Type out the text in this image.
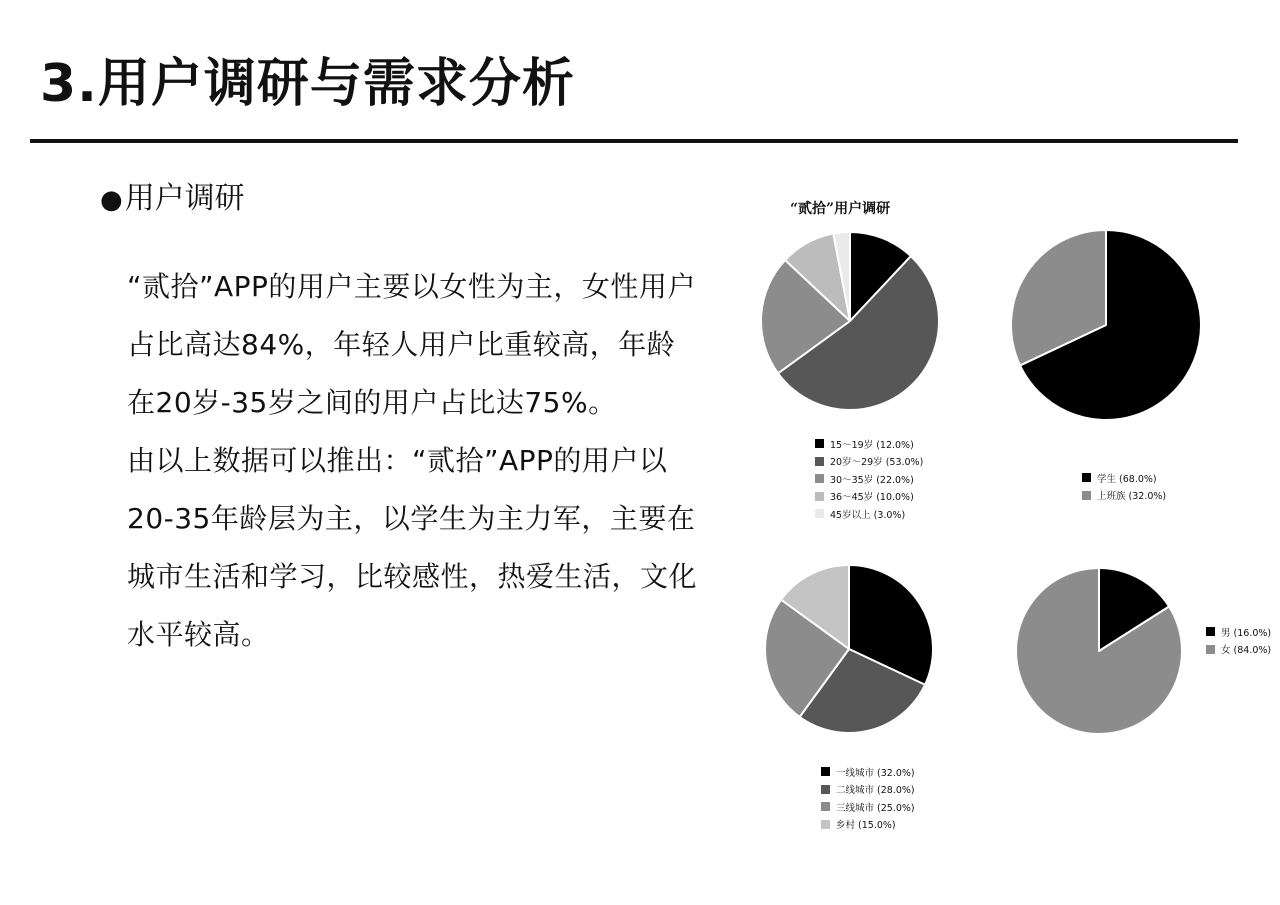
3.用户调研与需求分析
●用户调研

“贰拾”APP的用户主要以女性为主，女性用户占比高达84%，年轻人用户比重较高，年龄在20岁-35岁之间的用户占比达75%。

由以上数据可以推出：“贰拾”APP的用户以20-35年龄层为主，以学生为主力军，主要在城市生活和学习，比较感性，热爱生活，文化水平较高。

“贰拾”用户调研
15～19岁 (12.0%)
20岁～29岁 (53.0%)
30～35岁 (22.0%)
36～45岁 (10.0%)
45岁以上 (3.0%)
学生 (68.0%)
上班族 (32.0%)
一线城市 (32.0%)
二线城市 (28.0%)
三线城市 (25.0%)
乡村 (15.0%)
男 (16.0%)
女 (84.0%)
